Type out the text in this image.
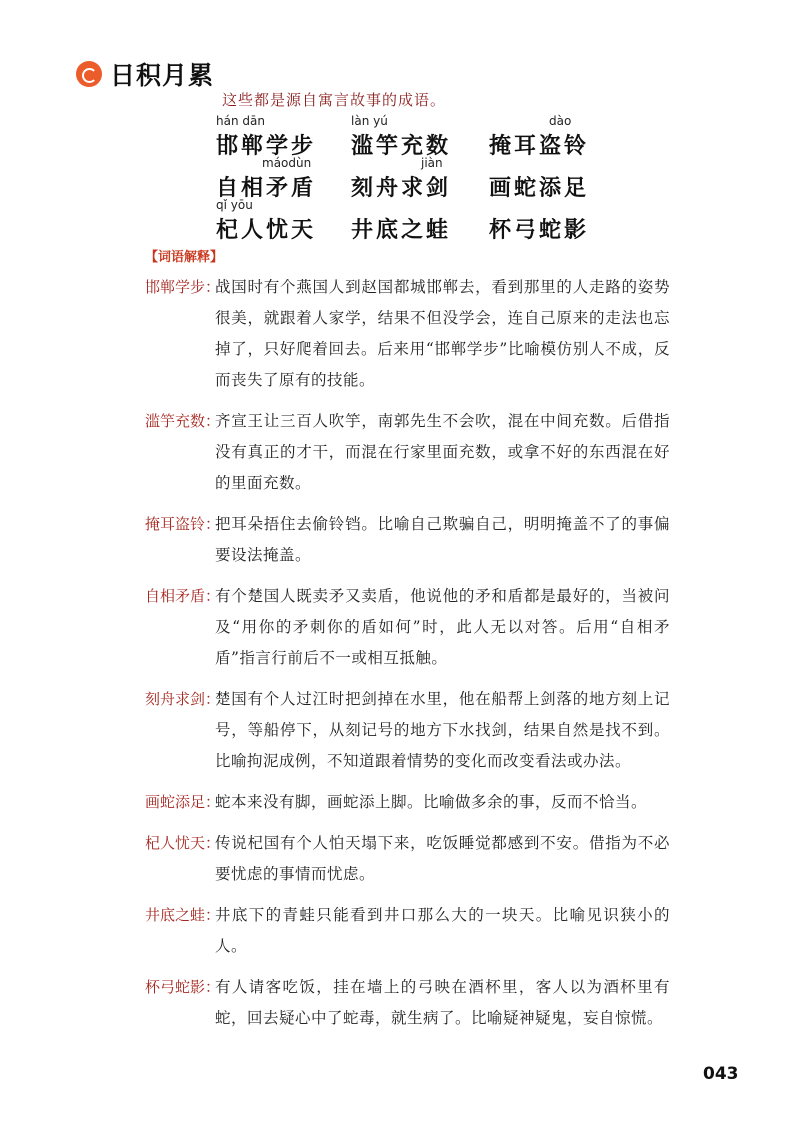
日积月累
这些都是源自寓言故事的成语。
hán dān
邯郸学步
làn yú
滥竽充数
dào
掩耳盗铃
máodùn
自相矛盾
jiàn
刻舟求剑 画蛇添足
qǐ yōu
杞人忧天 井底之蛙 杯弓蛇影
【词语解释】
邯郸学步：
战国时有个燕国人到赵国都城邯郸去，看到那里的人走路的姿势很美，就跟着人家学，结果不但没学会，连自己原来的走法也忘掉了，只好爬着回去。后来用“邯郸学步”比喻模仿别人不成，反而丧失了原有的技能。
滥竽充数：
齐宣王让三百人吹竽，南郭先生不会吹，混在中间充数。后借指没有真正的才干，而混在行家里面充数，或拿不好的东西混在好的里面充数。
掩耳盗铃：
把耳朵捂住去偷铃铛。比喻自己欺骗自己，明明掩盖不了的事偏要设法掩盖。
自相矛盾：
有个楚国人既卖矛又卖盾，他说他的矛和盾都是最好的，当被问及“用你的矛刺你的盾如何”时，此人无以对答。后用“自相矛盾”指言行前后不一或相互抵触。
刻舟求剑：
楚国有个人过江时把剑掉在水里，他在船帮上剑落的地方刻上记号，等船停下，从刻记号的地方下水找剑，结果自然是找不到。比喻拘泥成例，不知道跟着情势的变化而改变看法或办法。
画蛇添足：
蛇本来没有脚，画蛇添上脚。比喻做多余的事，反而不恰当。
杞人忧天：
传说杞国有个人怕天塌下来，吃饭睡觉都感到不安。借指为不必要忧虑的事情而忧虑。
井底之蛙：
井底下的青蛙只能看到井口那么大的一块天。比喻见识狭小的人。
杯弓蛇影：
有人请客吃饭，挂在墙上的弓映在酒杯里，客人以为酒杯里有蛇，回去疑心中了蛇毒，就生病了。比喻疑神疑鬼，妄自惊慌。
043
